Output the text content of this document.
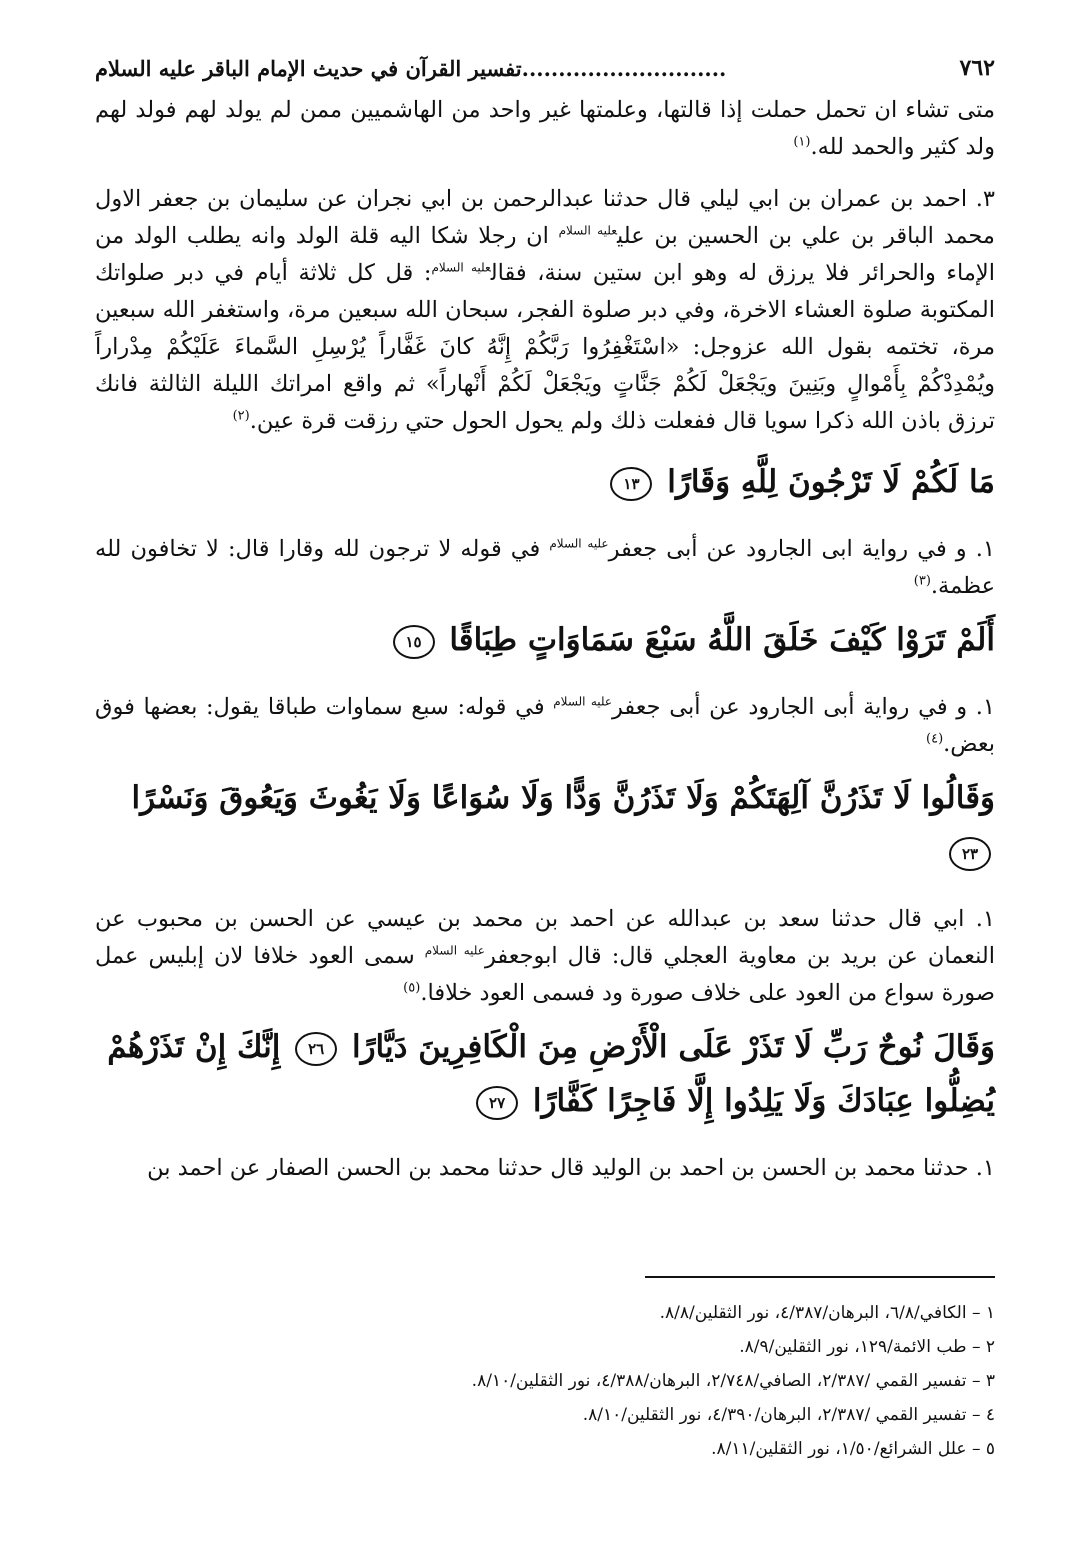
٧٦٢
............................تفسير القرآن في حديث الإمام الباقر عليه السلام

متى تشاء ان تحمل حملت إذا قالتها، وعلمتها غير واحد من الهاشميين ممن لم يولد لهم فولد لهم ولد كثير والحمد لله.$^{(١)}$

٣. احمد بن عمران بن ابي ليلي قال حدثنا عبدالرحمن بن ابي نجران عن سليمان بن جعفر الاول محمد الباقر بن علي بن الحسين بن علي$^{عليه السلام}$ ان رجلا شكا اليه قلة الولد وانه يطلب الولد من الإماء والحرائر فلا يرزق له وهو ابن ستين سنة، فقال$^{عليه السلام}$: قل كل ثلاثة أيام في دبر صلواتك المكتوبة صلوة العشاء الاخرة، وفي دبر صلوة الفجر، سبحان الله سبعين مرة، واستغفر الله سبعين مرة، تختمه بقول الله عزوجل: «اسْتَغْفِرُوا رَبَّكُمْ إِنَّهُ كانَ غَفَّاراً يُرْسِلِ السَّماءَ عَلَيْكُمْ مِدْراراً ويُمْدِدْكُمْ بِأَمْوالٍ وبَنِينَ ويَجْعَلْ لَكُمْ جَنَّاتٍ ويَجْعَلْ لَكُمْ أَنْهاراً» ثم واقع امراتك الليلة الثالثة فانك ترزق باذن الله ذكرا سويا قال ففعلت ذلك ولم يحول الحول حتي رزقت قرة عين.$^{(٢)}$

مَا لَكُمْ لَا تَرْجُونَ لِلَّهِ وَقَارًا ١٣

١. و في رواية ابى الجارود عن أبى جعفر$^{عليه السلام}$ في قوله لا ترجون لله وقارا قال: لا تخافون لله عظمة.$^{(٣)}$

أَلَمْ تَرَوْا كَيْفَ خَلَقَ اللَّهُ سَبْعَ سَمَاوَاتٍ طِبَاقًا ١٥

١. و في رواية أبى الجارود عن أبى جعفر$^{عليه السلام}$ في قوله: سبع سماوات طباقا يقول: بعضها فوق بعض.$^{(٤)}$

وَقَالُوا لَا تَذَرُنَّ آلِهَتَكُمْ وَلَا تَذَرُنَّ وَدًّا وَلَا سُوَاعًا وَلَا يَغُوثَ وَيَعُوقَ وَنَسْرًا ٢٣

١. ابي قال حدثنا سعد بن عبدالله عن احمد بن محمد بن عيسي عن الحسن بن محبوب عن النعمان عن بريد بن معاوية العجلي قال: قال ابوجعفر$^{عليه السلام}$ سمى العود خلافا لان إبليس عمل صورة سواع من العود على خلاف صورة ود فسمى العود خلافا.$^{(٥)}$

وَقَالَ نُوحٌ رَبِّ لَا تَذَرْ عَلَى الْأَرْضِ مِنَ الْكَافِرِينَ دَيَّارًا ٢٦ إِنَّكَ إِنْ تَذَرْهُمْ يُضِلُّوا عِبَادَكَ وَلَا يَلِدُوا إِلَّا فَاجِرًا كَفَّارًا ٢٧

١. حدثنا محمد بن الحسن بن احمد بن الوليد قال حدثنا محمد بن الحسن الصفار عن احمد بن

١ – الكافي/٦/٨، البرهان/٤/٣٨٧، نور الثقلين/٨/٨.

٢ – طب الائمة/١٢٩، نور الثقلين/٨/٩.

٣ – تفسير القمي /٢/٣٨٧، الصافي/٢/٧٤٨، البرهان/٤/٣٨٨، نور الثقلين/٨/١٠.

٤ – تفسير القمي /٢/٣٨٧، البرهان/٤/٣٩٠، نور الثقلين/٨/١٠.

٥ – علل الشرائع/١/٥٠، نور الثقلين/٨/١١.
